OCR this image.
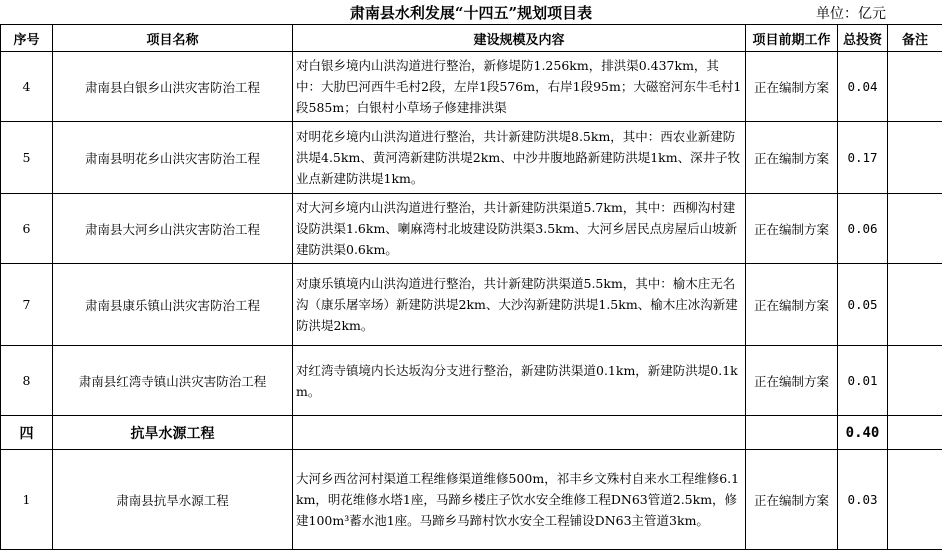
肃南县水利发展“十四五”规划项目表	单位：亿元
序号	项目名称	建设规模及内容	项目前期工作	总投资	备注
4	肃南县白银乡山洪灾害防治工程	对白银乡境内山洪沟道进行整治，新修堤防1.256km，排洪渠0.437km，其中：大肋巴河西牛毛村2段，左岸1段576m，右岸1段95m；大磁窑河东牛毛村1段585m；白银村小草场子修建排洪渠	正在编制方案	0.04	
5	肃南县明花乡山洪灾害防治工程	对明花乡境内山洪沟道进行整治，共计新建防洪堤8.5km，其中：西农业新建防洪堤4.5km、黄河湾新建防洪堤2km、中沙井腹地路新建防洪堤1km、深井子牧业点新建防洪堤1km。	正在编制方案	0.17	
6	肃南县大河乡山洪灾害防治工程	对大河乡境内山洪沟道进行整治，共计新建防洪渠道5.7km，其中：西柳沟村建设防洪渠1.6km、喇麻湾村北坡建设防洪渠3.5km、大河乡居民点房屋后山坡新建防洪渠0.6km。	正在编制方案	0.06	
7	肃南县康乐镇山洪灾害防治工程	对康乐镇境内山洪沟道进行整治，共计新建防洪渠道5.5km，其中：榆木庄无名沟（康乐屠宰场）新建防洪堤2km、大沙沟新建防洪堤1.5km、榆木庄冰沟新建防洪堤2km。	正在编制方案	0.05	
8	肃南县红湾寺镇山洪灾害防治工程	对红湾寺镇境内长达坂沟分支进行整治，新建防洪渠道0.1km，新建防洪堤0.1km。	正在编制方案	0.01	
四	抗旱水源工程			0.40	
1	肃南县抗旱水源工程	大河乡西岔河村渠道工程维修渠道维修500m，祁丰乡文殊村自来水工程维修6.1km，明花维修水塔1座，马蹄乡楼庄子饮水安全维修工程DN63管道2.5km，修建100m³蓄水池1座。马蹄乡马蹄村饮水安全工程铺设DN63主管道3km。	正在编制方案	0.03	
